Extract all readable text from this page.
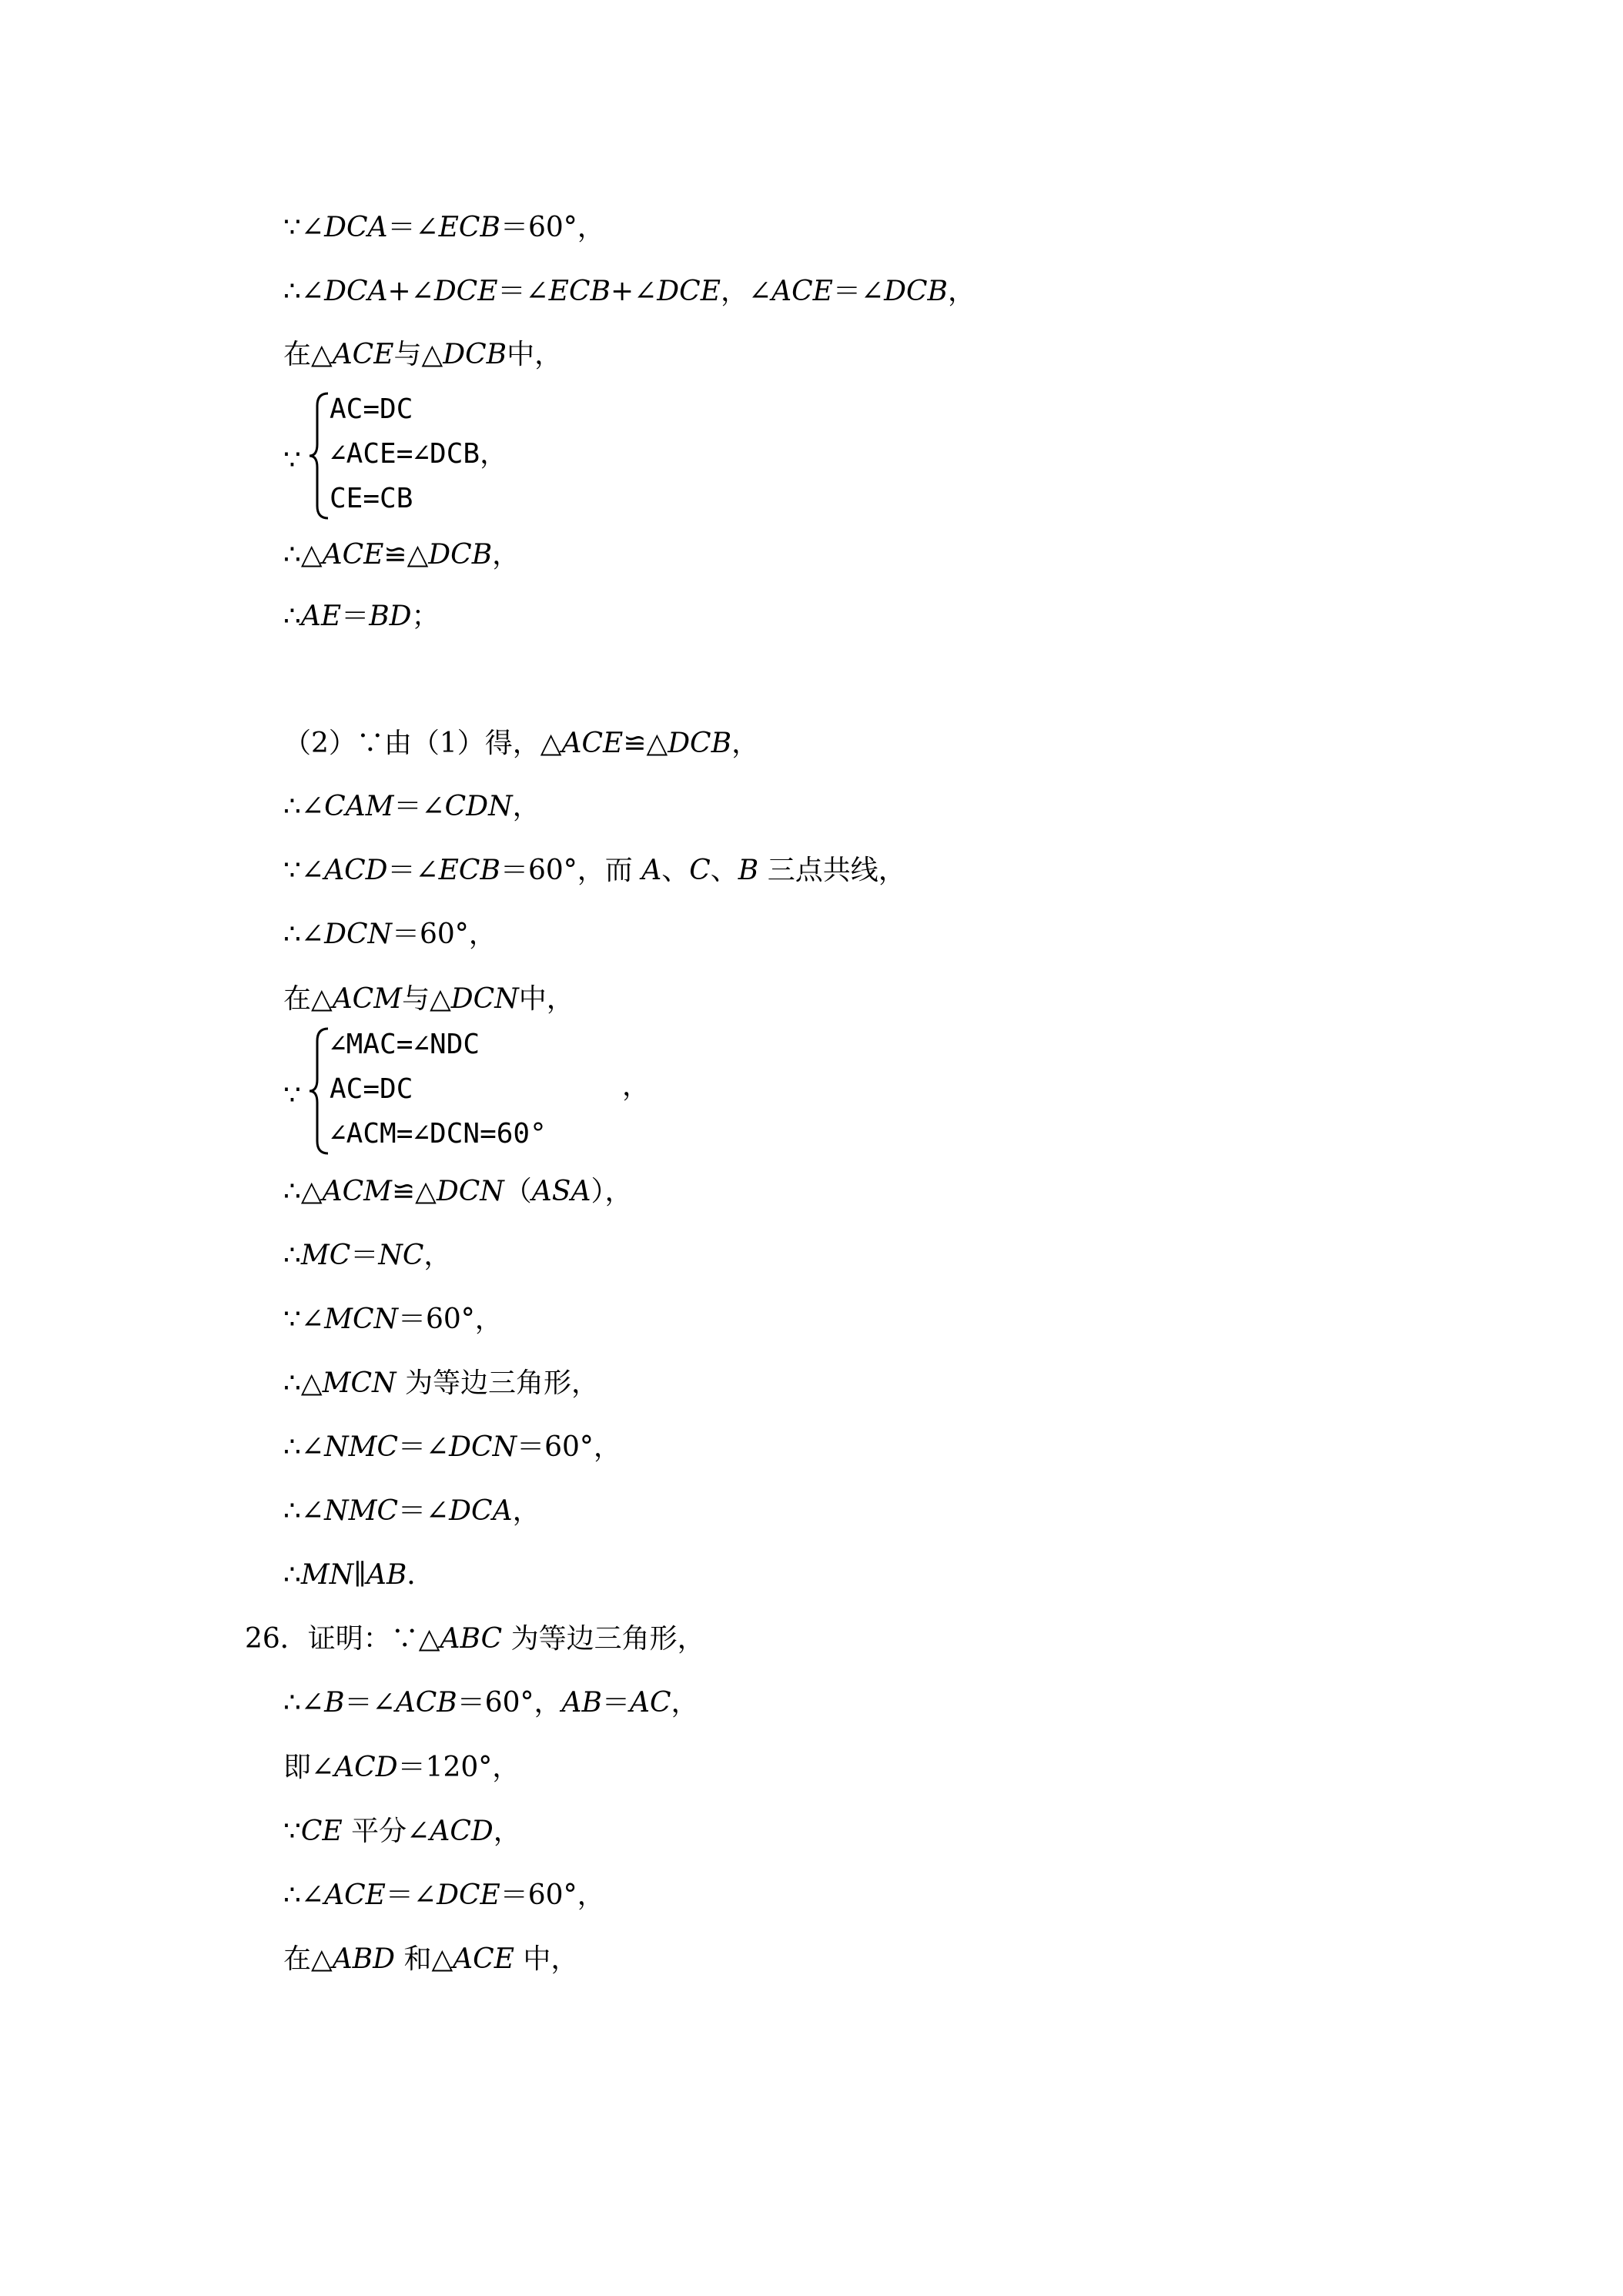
∵∠DCA＝∠ECB＝60°，
∴∠DCA+∠DCE＝∠ECB+∠DCE，∠ACE＝∠DCB，
在△ACE与△DCB中，
∴△ACE≌△DCB，
∴AE＝BD；
（2）∵由（1）得，△ACE≌△DCB，
∴∠CAM＝∠CDN，
∵∠ACD＝∠ECB＝60°，而 A、C、B 三点共线，
∴∠DCN＝60°，
在△ACM与△DCN中，
∴△ACM≌△DCN（ASA），
∴MC＝NC，
∵∠MCN＝60°，
∴△MCN 为等边三角形，
∴∠NMC＝∠DCN＝60°，
∴∠NMC＝∠DCA，
∴MN∥AB．
26．证明：∵△ABC 为等边三角形，
∴∠B＝∠ACB＝60°，AB＝AC，
即∠ACD＝120°，
∵CE 平分∠ACD，
∴∠ACE＝∠DCE＝60°，
在△ABD 和△ACE 中，
∵
AC=DC
∠ACE=∠DCB，
CE=CB
∵
∠MAC=∠NDC
AC=DC
∠ACM=∠DCN=60°
，
